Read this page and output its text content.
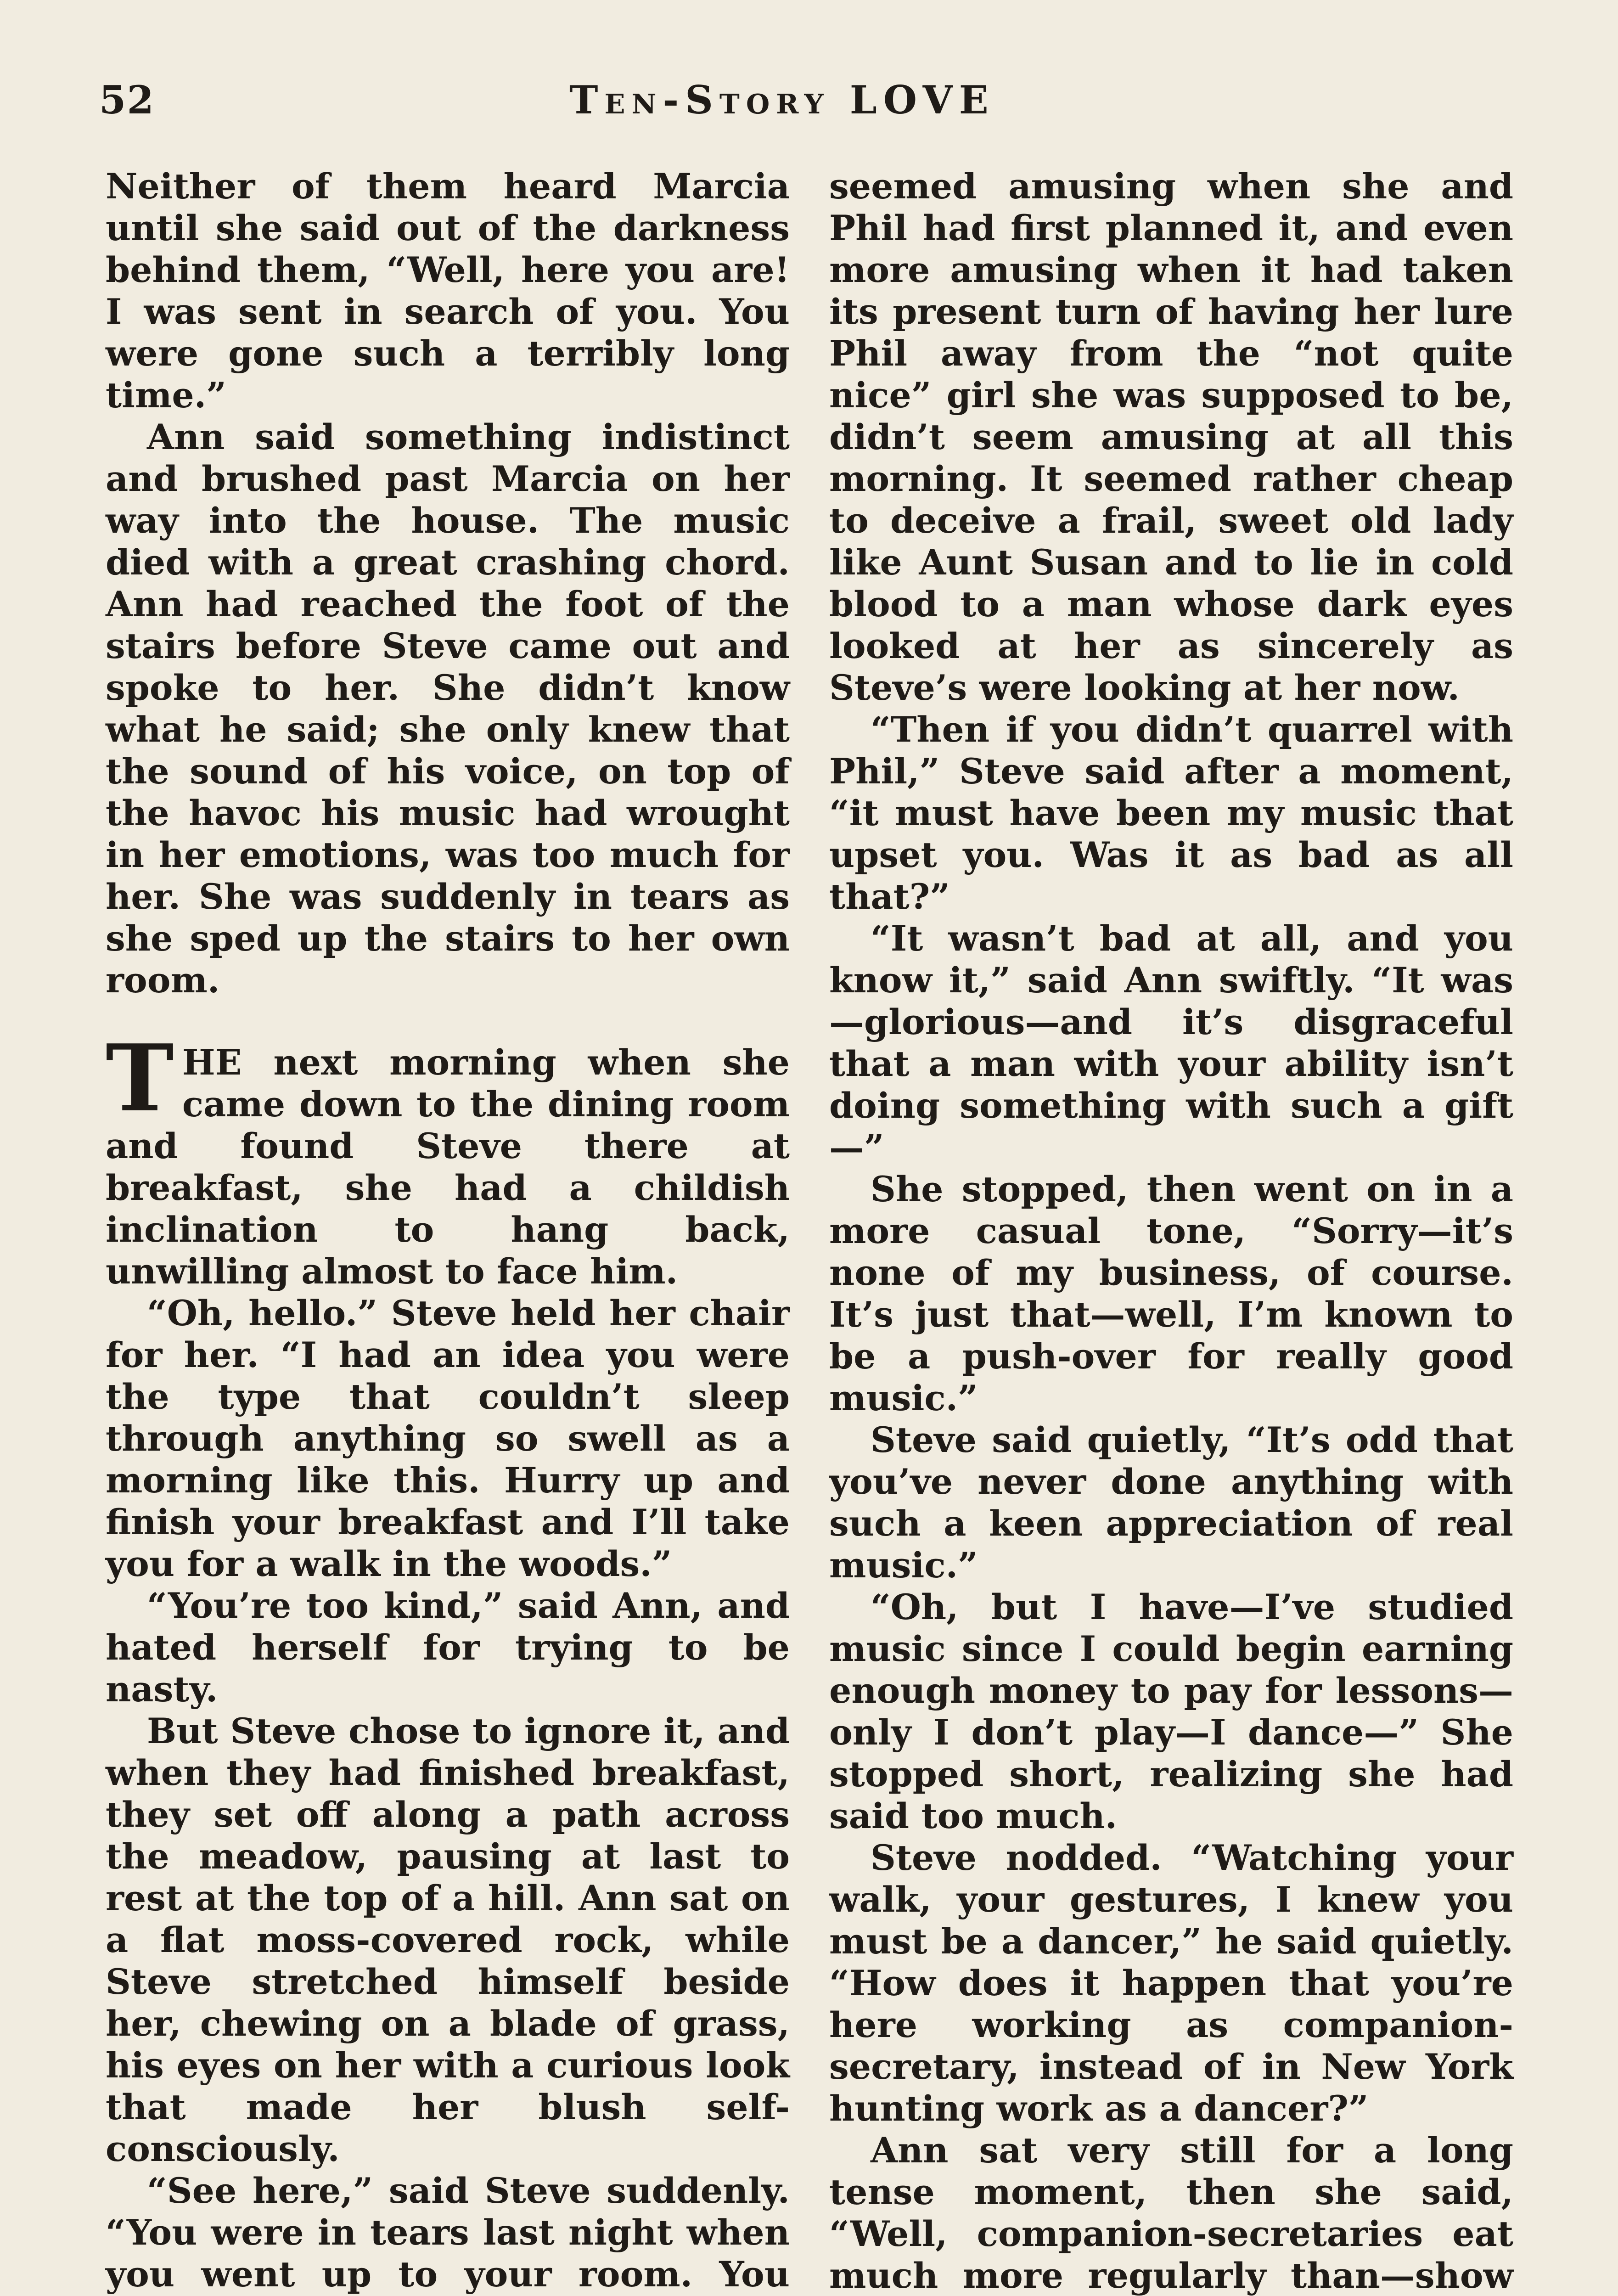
52	Ten-Story LOVE

Neither of them heard Marcia until she said out of the darkness behind them, “Well, here you are! I was sent in search of you. You were gone such a terribly long time.”

Ann said something indistinct and brushed past Marcia on her way into the house. The music died with a great crashing chord. Ann had reached the foot of the stairs before Steve came out and spoke to her. She didn’t know what he said; she only knew that the sound of his voice, on top of the havoc his music had wrought in her emotions, was too much for her. She was suddenly in tears as she sped up the stairs to her own room.

THE next morning when she came down to the dining room and found Steve there at breakfast, she had a childish inclination to hang back, unwilling almost to face him.

“Oh, hello.” Steve held her chair for her. “I had an idea you were the type that couldn’t sleep through anything so swell as a morning like this. Hurry up and finish your breakfast and I’ll take you for a walk in the woods.”

“You’re too kind,” said Ann, and hated herself for trying to be nasty.

But Steve chose to ignore it, and when they had finished breakfast, they set off along a path across the meadow, pausing at last to rest at the top of a hill. Ann sat on a flat moss-covered rock, while Steve stretched himself beside her, chewing on a blade of grass, his eyes on her with a curious look that made her blush self-consciously.

“See here,” said Steve suddenly. “You were in tears last night when you went up to your room. You

seemed amusing when she and Phil had first planned it, and even more amusing when it had taken its present turn of having her lure Phil away from the “not quite nice” girl she was supposed to be, didn’t seem amusing at all this morning. It seemed rather cheap to deceive a frail, sweet old lady like Aunt Susan and to lie in cold blood to a man whose dark eyes looked at her as sincerely as Steve’s were looking at her now.

“Then if you didn’t quarrel with Phil,” Steve said after a moment, “it must have been my music that upset you. Was it as bad as all that?”

“It wasn’t bad at all, and you know it,” said Ann swiftly. “It was—glorious—and it’s disgraceful that a man with your ability isn’t doing something with such a gift—”

She stopped, then went on in a more casual tone, “Sorry—it’s none of my business, of course. It’s just that—well, I’m known to be a push-over for really good music.”

Steve said quietly, “It’s odd that you’ve never done anything with such a keen appreciation of real music.”

“Oh, but I have—I’ve studied music since I could begin earning enough money to pay for lessons—only I don’t play—I dance—” She stopped short, realizing she had said too much.

Steve nodded. “Watching your walk, your gestures, I knew you must be a dancer,” he said quietly. “How does it happen that you’re here working as companion-secretary, instead of in New York hunting work as a dancer?”

Ann sat very still for a long tense moment, then she said, “Well, companion-secretaries eat much more regularly than—show
